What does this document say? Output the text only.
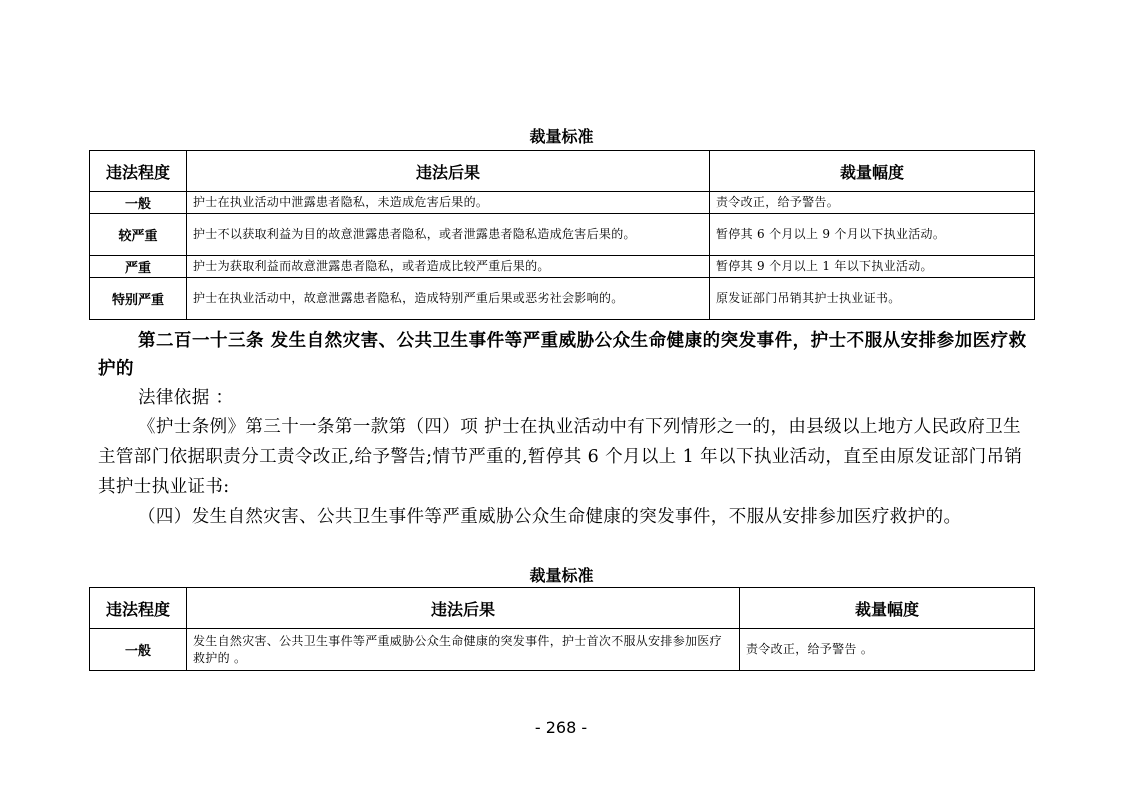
裁量标准
违法程度	违法后果	裁量幅度
一般	护士在执业活动中泄露患者隐私，未造成危害后果的。	责令改正，给予警告。
较严重	护士不以获取利益为目的故意泄露患者隐私，或者泄露患者隐私造成危害后果的。	暂停其 6 个月以上 9 个月以下执业活动。
严重	护士为获取利益而故意泄露患者隐私，或者造成比较严重后果的。	暂停其 9 个月以上 1 年以下执业活动。
特别严重	护士在执业活动中，故意泄露患者隐私，造成特别严重后果或恶劣社会影响的。	原发证部门吊销其护士执业证书。
第二百一十三条 发生自然灾害、公共卫生事件等严重威胁公众生命健康的突发事件，护士不服从安排参加医疗救护的
法律依据 ：
《护士条例》第三十一条第一款第（四）项 护士在执业活动中有下列情形之一的，由县级以上地方人民政府卫生主管部门依据职责分工责令改正,给予警告;情节严重的,暂停其 6 个月以上 1 年以下执业活动，直至由原发证部门吊销其护士执业证书:
（四）发生自然灾害、公共卫生事件等严重威胁公众生命健康的突发事件，不服从安排参加医疗救护的。
裁量标准
违法程度	违法后果	裁量幅度
一般	发生自然灾害、公共卫生事件等严重威胁公众生命健康的突发事件，护士首次不服从安排参加医疗救护的 。	责令改正，给予警告 。
- 268 -
